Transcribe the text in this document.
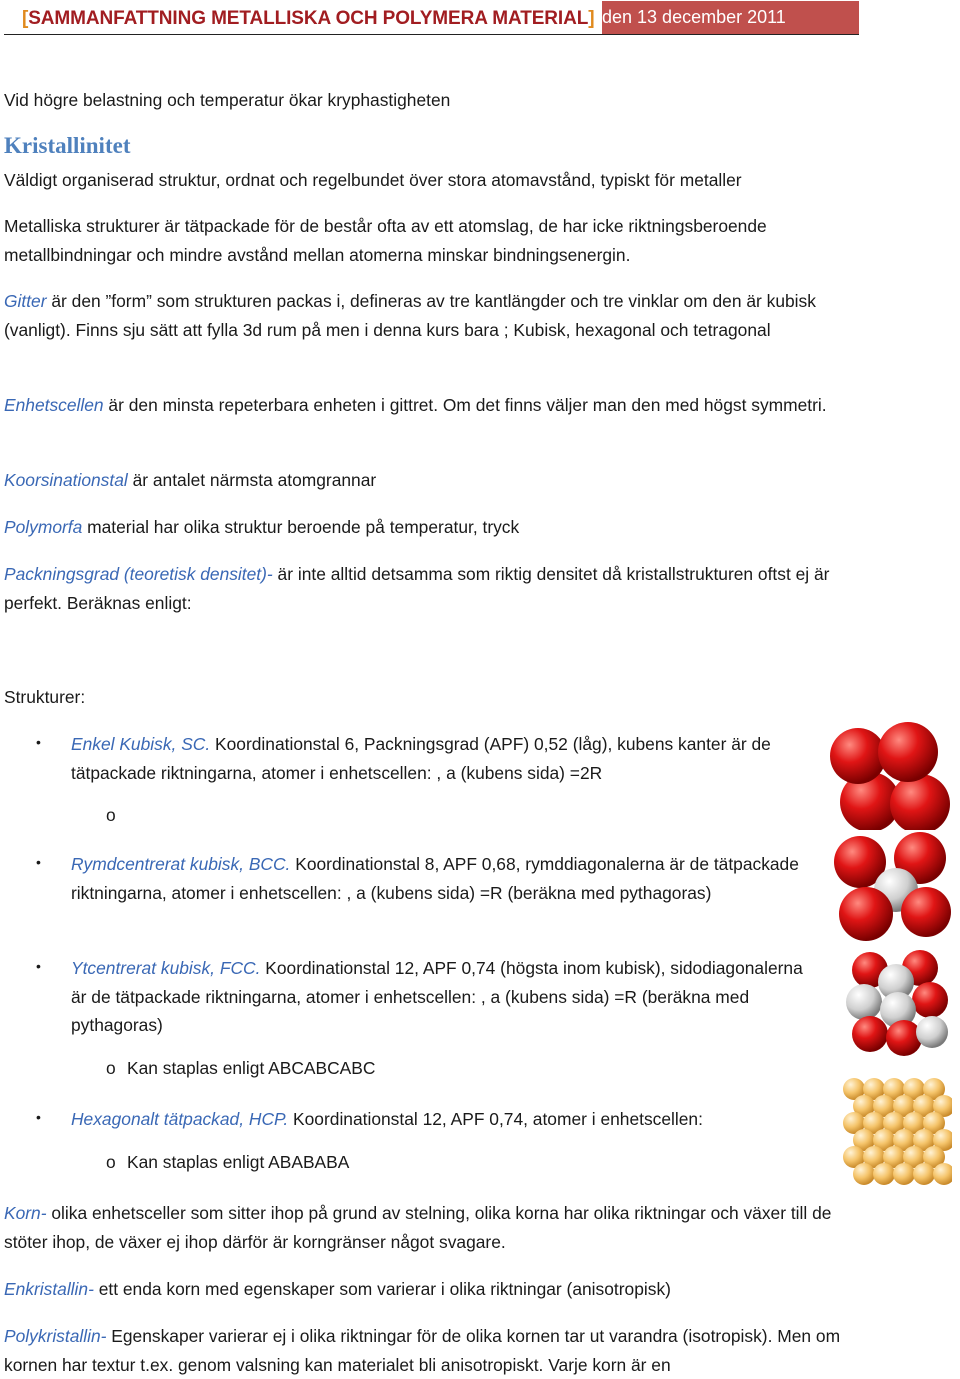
[SAMMANFATTNING METALLISKA OCH POLYMERA MATERIAL] den 13 december 2011
Vid högre belastning och temperatur ökar kryphastigheten
Kristallinitet
Väldigt organiserad struktur, ordnat och regelbundet över stora atomavstånd, typiskt för metaller
Metalliska strukturer är tätpackade för de består ofta av ett atomslag, de har icke riktningsberoende metallbindningar och mindre avstånd mellan atomerna minskar bindningsenergin.
Gitter är den ”form” som strukturen packas i, defineras av tre kantlängder och tre vinklar om den är kubisk (vanligt). Finns sju sätt att fylla 3d rum på men i denna kurs bara ; Kubisk, hexagonal och tetragonal
Enhetscellen är den minsta repeterbara enheten i gittret. Om det finns väljer man den med högst symmetri.
Koorsinationstal är antalet närmsta atomgrannar
Polymorfa material har olika struktur beroende på temperatur, tryck
Packningsgrad (teoretisk densitet)- är inte alltid detsamma som riktig densitet då kristallstrukturen oftst ej är perfekt. Beräknas enligt:
Strukturer:
• Enkel Kubisk, SC. Koordinationstal 6, Packningsgrad (APF) 0,52 (låg), kubens kanter är de tätpackade riktningarna, atomer i enhetscellen: , a (kubens sida) =2R
o
• Rymdcentrerat kubisk, BCC. Koordinationstal 8, APF 0,68, rymddiagonalerna är de tätpackade riktningarna, atomer i enhetscellen: , a (kubens sida) =R (beräkna med pythagoras)
• Ytcentrerat kubisk, FCC. Koordinationstal 12, APF 0,74 (högsta inom kubisk), sidodiagonalerna är de tätpackade riktningarna, atomer i enhetscellen: , a (kubens sida) =R (beräkna med pythagoras)
o Kan staplas enligt ABCABCABC
• Hexagonalt tätpackad, HCP. Koordinationstal 12, APF 0,74, atomer i enhetscellen:
o Kan staplas enligt ABABABA
Korn- olika enhetsceller som sitter ihop på grund av stelning, olika korna har olika riktningar och växer till de stöter ihop, de växer ej ihop därför är korngränser något svagare.
Enkristallin- ett enda korn med egenskaper som varierar i olika riktningar (anisotropisk)
Polykristallin- Egenskaper varierar ej i olika riktningar för de olika kornen tar ut varandra (isotropisk). Men om kornen har textur t.ex. genom valsning kan materialet bli anisotropiskt. Varje korn är en
